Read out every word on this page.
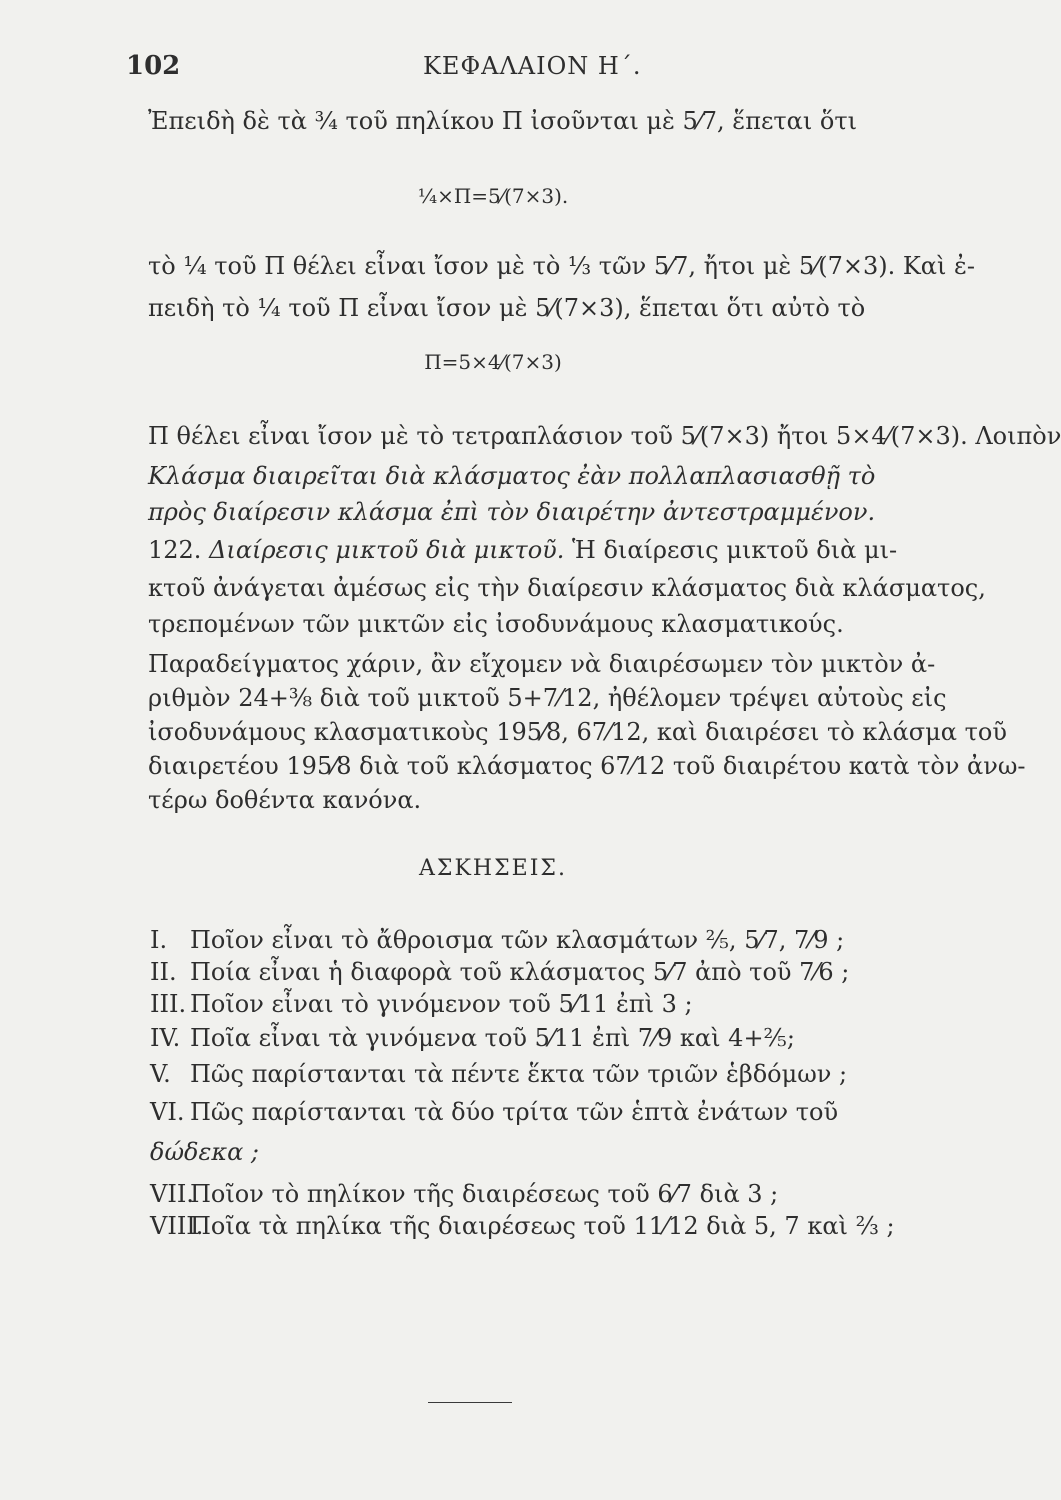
102	ΚΕΦΑΛΑΙΟΝ Η΄.
Ἐπειδὴ δὲ τὰ ¾ τοῦ πηλίκου Π ἰσοῦνται μὲ 5⁄7, ἕπεται ὅτι
¼×Π=5⁄(7×3).
τὸ ¼ τοῦ Π θέλει εἶναι ἴσον μὲ τὸ ⅓ τῶν 5⁄7, ἤτοι μὲ 5⁄(7×3). Καὶ ἐ-
πειδὴ τὸ ¼ τοῦ Π εἶναι ἴσον μὲ 5⁄(7×3), ἕπεται ὅτι αὐτὸ τὸ
Π=5×4⁄(7×3)
Π θέλει εἶναι ἴσον μὲ τὸ τετραπλάσιον τοῦ 5⁄(7×3) ἤτοι 5×4⁄(7×3). Λοιπὸν
Κλάσμα διαιρεῖται διὰ κλάσματος ἐὰν πολλαπλασιασθῇ τὸ
πρὸς διαίρεσιν κλάσμα ἐπὶ τὸν διαιρέτην ἀντεστραμμένον.
122. Διαίρεσις μικτοῦ διὰ μικτοῦ. Ἡ διαίρεσις μικτοῦ διὰ μι-
κτοῦ ἀνάγεται ἀμέσως εἰς τὴν διαίρεσιν κλάσματος διὰ κλάσματος,
τρεπομένων τῶν μικτῶν εἰς ἰσοδυνάμους κλασματικούς.
Παραδείγματος χάριν, ἂν εἴχομεν νὰ διαιρέσωμεν τὸν μικτὸν ἀ-
ριθμὸν 24+⅜ διὰ τοῦ μικτοῦ 5+7⁄12, ἠθέλομεν τρέψει αὐτοὺς εἰς
ἰσοδυνάμους κλασματικοὺς 195⁄8, 67⁄12, καὶ διαιρέσει τὸ κλάσμα τοῦ
διαιρετέου 195⁄8 διὰ τοῦ κλάσματος 67⁄12 τοῦ διαιρέτου κατὰ τὸν ἀνω-
τέρω δοθέντα κανόνα.
ΑΣΚΗΣΕΙΣ.
I. Ποῖον εἶναι τὸ ἄθροισμα τῶν κλασμάτων ⅖, 5⁄7, 7⁄9 ;
II. Ποία εἶναι ἡ διαφορὰ τοῦ κλάσματος 5⁄7 ἀπὸ τοῦ 7⁄6 ;
III. Ποῖον εἶναι τὸ γινόμενον τοῦ 5⁄11 ἐπὶ 3 ;
IV. Ποῖα εἶναι τὰ γινόμενα τοῦ 5⁄11 ἐπὶ 7⁄9 καὶ 4+⅖;
V. Πῶς παρίστανται τὰ πέντε ἕκτα τῶν τριῶν ἑβδόμων ;
VI. Πῶς παρίστανται τὰ δύο τρίτα τῶν ἑπτὰ ἐνάτων τοῦ
δώδεκα ;
VII.Ποῖον τὸ πηλίκον τῆς διαιρέσεως τοῦ 6⁄7 διὰ 3 ;
VIII.Ποῖα τὰ πηλίκα τῆς διαιρέσεως τοῦ 11⁄12 διὰ 5, 7 καὶ ⅔ ;
